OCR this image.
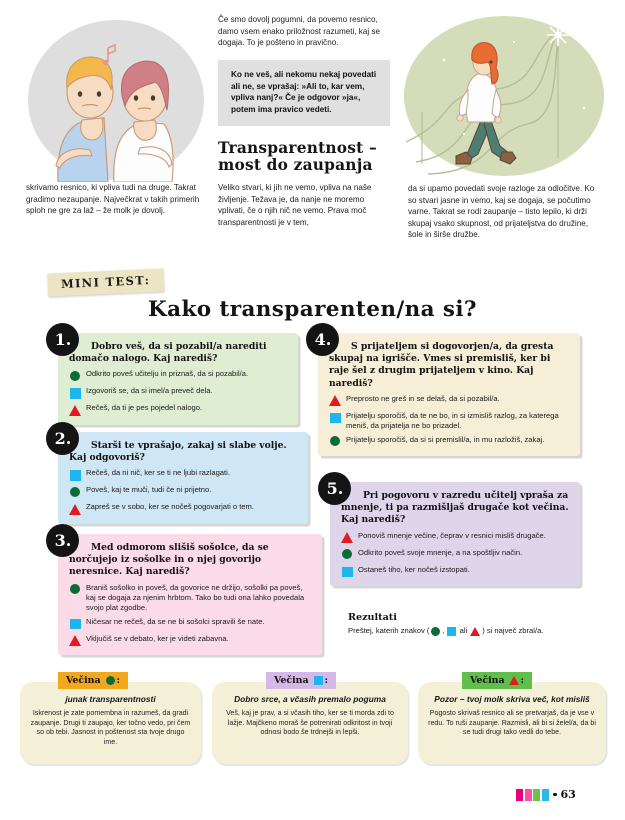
skrivamo resnico, ki vpliva tudi na druge. Takrat gradimo nezaupanje. Največkrat v takih primerih sploh ne gre za laž – že molk je dovolj.

Če smo dovolj pogumni, da povemo resnico, damo vsem enako priložnost razumeti, kaj se dogaja. To je pošteno in pravično.

Ko ne veš, ali nekomu nekaj povedati ali ne, se vprašaj: »Ali to, kar vem, vpliva nanj?« Če je odgovor »ja«, potem ima pravico vedeti.
Transparentnost –
most do zaupanja

Veliko stvari, ki jih ne vemo, vpliva na naše življenje. Težava je, da nanje ne moremo vplivati, če o njih nič ne vemo. Prava moč transparentnosti je v tem,

da si upamo povedati svoje razloge za odločitve. Ko so stvari jasne in vemo, kaj se dogaja, se počutimo varne. Takrat se rodi zaupanje – tisto lepilo, ki drži skupaj vsako skupnost, od prijateljstva do družine, šole in širše družbe.
MINI TEST:
Kako transparenten/na si?
1.	Dobro veš, da si pozabil/a narediti domačo nalogo. Kaj narediš?
Odkrito poveš učitelju in priznaš, da si pozabil/a.
Izgovoriš se, da si imel/a preveč dela.
Rečeš, da ti je pes pojedel nalogo.
2.	Starši te vprašajo, zakaj si slabe volje. Kaj odgovoriš?
Rečeš, da ni nič, ker se ti ne ljubi razlagati.
Poveš, kaj te muči, tudi če ni prijetno.
Zapreš se v sobo, ker se nočeš pogovarjati o tem.
3.	Med odmorom slišiš sošolce, da se norčujejo iz sošolke in o njej govorijo neresnice. Kaj narediš?
Braniš sošolko in poveš, da govorice ne držijo, sošolki pa poveš, kaj se dogaja za njenim hrbtom. Tako bo tudi ona lahko povedala svojo plat zgodbe.
Ničesar ne rečeš, da se ne bi sošolci spravili še nate.
Vključiš se v debato, ker je videti zabavna.
4.	S prijateljem si dogovorjen/a, da gresta skupaj na igrišče. Vmes si premisliš, ker bi raje šel z drugim prijateljem v kino. Kaj narediš?
Preprosto ne greš in se delaš, da si pozabil/a.
Prijatelju sporočiš, da te ne bo, in si izmisliš razlog, za katerega meniš, da prijatelja ne bo prizadel.
Prijatelju sporočiš, da si si premislil/a, in mu razložiš, zakaj.
5.	Pri pogovoru v razredu učitelj vpraša za mnenje, ti pa razmišljaš drugače kot večina. Kaj narediš?
Ponoviš mnenje večine, čeprav v resnici misliš drugače.
Odkrito poveš svoje mnenje, a na spoštljiv način.
Ostaneš tiho, ker nočeš izstopati.
Rezultati
Preštej, katerih znakov ( , ali ) si največ zbral/a.
Večina :
junak transparentnosti
Iskrenost je zate pomembna in razumeš, da gradi zaupanje. Drugi ti zaupajo, ker točno vedo, pri čem so ob tebi. Jasnost in poštenost sta tvoje drugo ime.
Večina :
Dobro srce, a včasih premalo poguma
Veš, kaj je prav, a si včasih tiho, ker se ti morda zdi to lažje. Majčkeno moraš še potrenirati odkritost in tvoji odnosi bodo še trdnejši in lepši.
Večina :
Pozor – tvoj molk skriva več, kot misliš
Pogosto skrivaš resnico ali se pretvarjaš, da je vse v redu. To ruši zaupanje. Razmisli, ali bi si želel/a, da bi se tudi drugi tako vedli do tebe.
63
